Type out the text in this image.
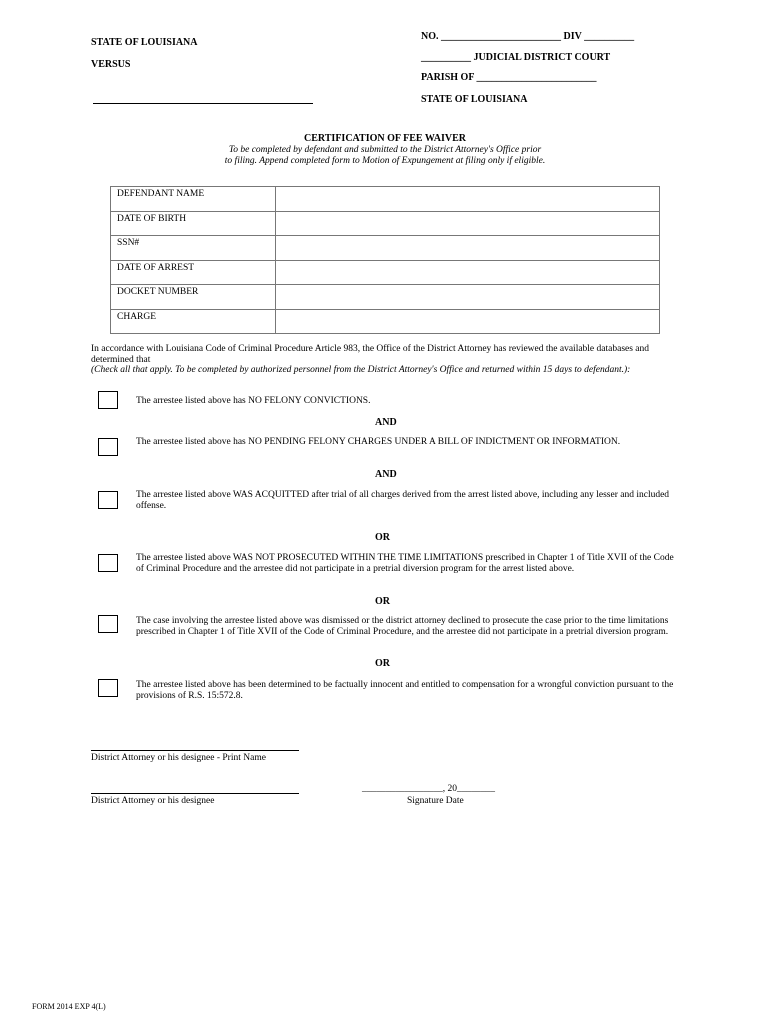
STATE OF LOUISIANA
VERSUS
NO. ________________________ DIV __________
__________ JUDICIAL DISTRICT COURT
PARISH OF ________________________
STATE OF LOUISIANA
CERTIFICATION OF FEE WAIVER
To be completed by defendant and submitted to the District Attorney's Office prior
to filing. Append completed form to Motion of Expungement at filing only if eligible.
DEFENDANT NAME	
DATE OF BIRTH	
SSN#	
DATE OF ARREST	
DOCKET NUMBER	
CHARGE	
In accordance with Louisiana Code of Criminal Procedure Article 983, the Office of the District Attorney has reviewed the available databases and determined that
(Check all that apply. To be completed by authorized personnel from the District Attorney's Office and returned within 15 days to defendant.):
The arrestee listed above has NO FELONY CONVICTIONS.
AND
The arrestee listed above has NO PENDING FELONY CHARGES UNDER A BILL OF INDICTMENT OR INFORMATION.
AND
The arrestee listed above WAS ACQUITTED after trial of all charges derived from the arrest listed above, including any lesser and included offense.
OR
The arrestee listed above WAS NOT PROSECUTED WITHIN THE TIME LIMITATIONS prescribed in Chapter 1 of Title XVII of the Code of Criminal Procedure and the arrestee did not participate in a pretrial diversion program for the arrest listed above.
OR
The case involving the arrestee listed above was dismissed or the district attorney declined to prosecute the case prior to the time limitations prescribed in Chapter 1 of Title XVII of the Code of Criminal Procedure, and the arrestee did not participate in a pretrial diversion program.
OR
The arrestee listed above has been determined to be factually innocent and entitled to compensation for a wrongful conviction pursuant to the provisions of R.S. 15:572.8.
District Attorney or his designee - Print Name
District Attorney or his designee
_________________, 20________
Signature Date
FORM 2014 EXP 4(L)
